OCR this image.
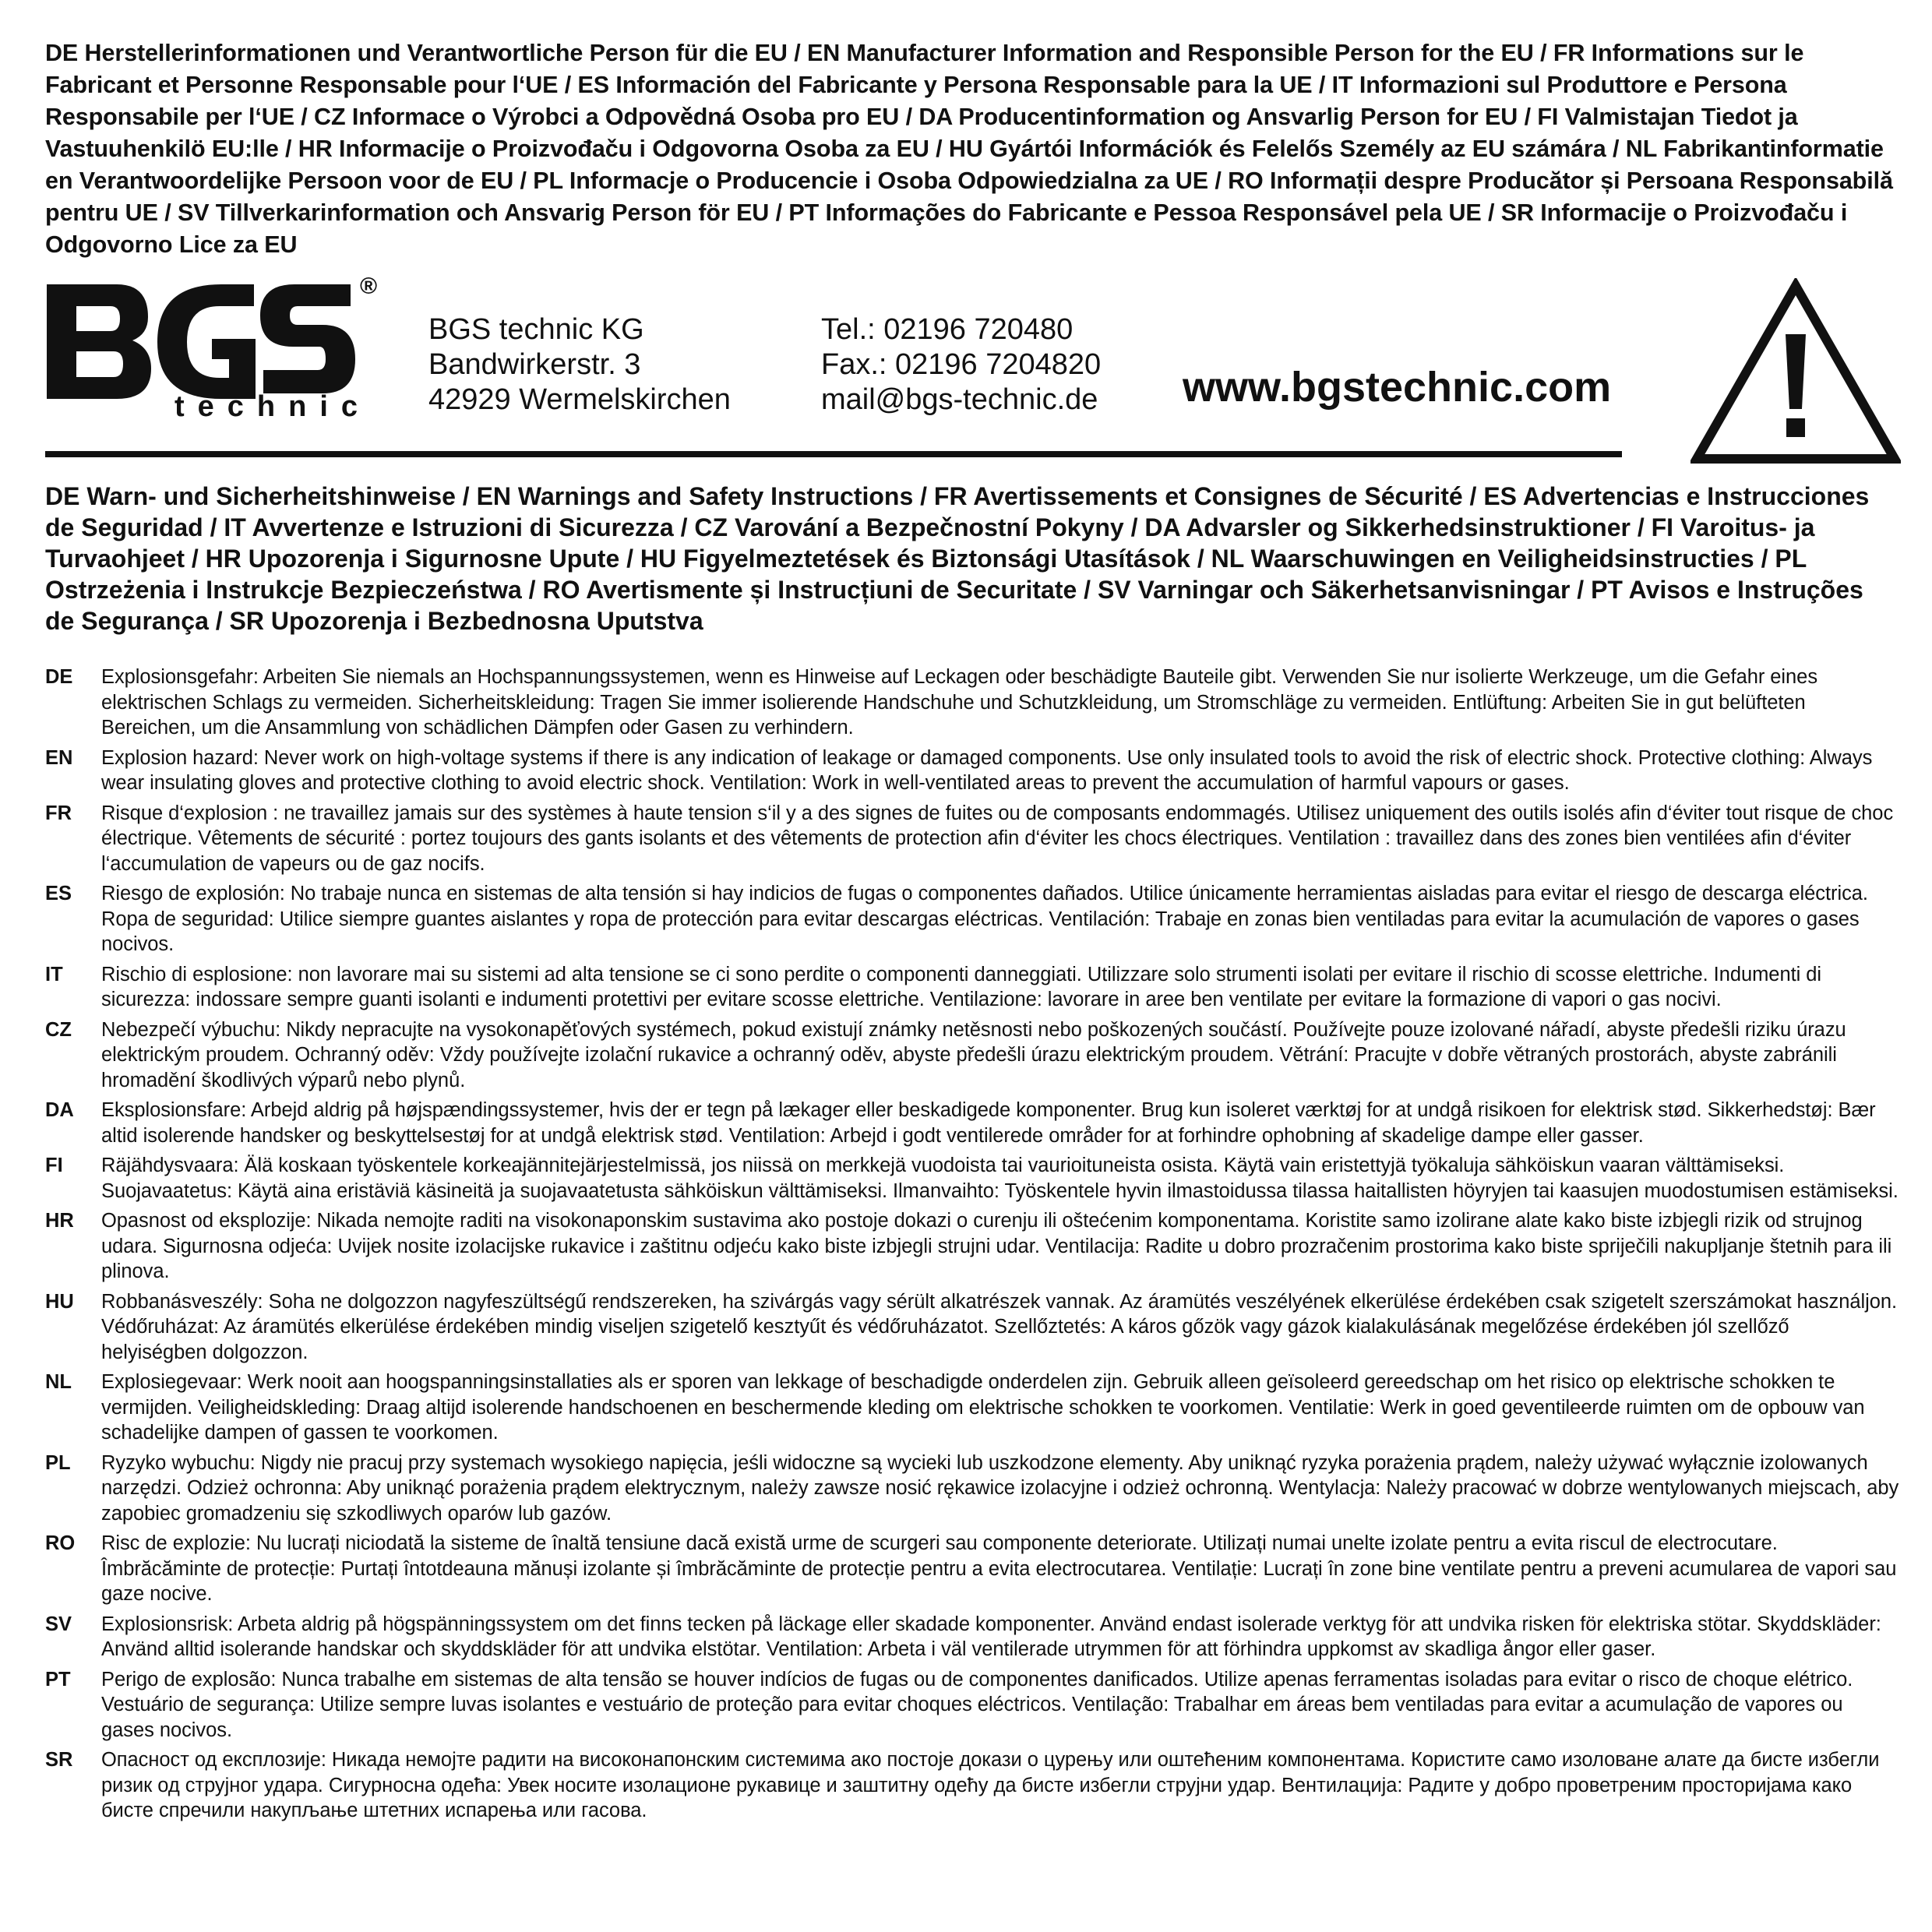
DE Herstellerinformationen und Verantwortliche Person für die EU / EN Manufacturer Information and Responsible Person for the EU / FR Informations sur le Fabricant et Personne Responsable pour l‘UE / ES Información del Fabricante y Persona Responsable para la UE / IT Informazioni sul Produttore e Persona Responsabile per l‘UE / CZ Informace o Výrobci a Odpovědná Osoba pro EU / DA Producentinformation og Ansvarlig Person for EU / FI Valmistajan Tiedot ja Vastuuhenkilö EU:lle / HR Informacije o Proizvođaču i Odgovorna Osoba za EU / HU Gyártói Információk és Felelős Személy az EU számára / NL Fabrikantinformatie en Verantwoordelijke Persoon voor de EU / PL Informacje o Producencie i Osoba Odpowiedzialna za UE / RO Informații despre Producător și Persoana Responsabilă pentru UE / SV Tillverkarinformation och Ansvarig Person för EU / PT Informações do Fabricante e Pessoa Responsável pela UE / SR Informacije o Proizvođaču i Odgovorno Lice za EU

®
technic
BGS technic KG
Bandwirkerstr. 3
42929 Wermelskirchen
Tel.: 02196 720480
Fax.: 02196 7204820
mail@bgs-technic.de www.bgstechnic.com

DE Warn- und Sicherheitshinweise / EN Warnings and Safety Instructions / FR Avertissements et Consignes de Sécurité / ES Advertencias e Instrucciones de Seguridad / IT Avvertenze e Istruzioni di Sicurezza / CZ Varování a Bezpečnostní Pokyny / DA Advarsler og Sikkerhedsinstruktioner / FI Varoitus- ja Turvaohjeet / HR Upozorenja i Sigurnosne Upute / HU Figyelmeztetések és Biztonsági Utasítások / NL Waarschuwingen en Veiligheidsinstructies / PL Ostrzeżenia i Instrukcje Bezpieczeństwa / RO Avertismente și Instrucțiuni de Securitate / SV Varningar och Säkerhetsanvisningar / PT Avisos e Instruções de Segurança / SR Upozorenja i Bezbednosna Uputstva

DE	Explosionsgefahr: Arbeiten Sie niemals an Hochspannungssystemen, wenn es Hinweise auf Leckagen oder beschädigte Bauteile gibt. Verwenden Sie nur isolierte Werkzeuge, um die Gefahr eines elektrischen Schlags zu vermeiden. Sicherheitskleidung: Tragen Sie immer isolierende Handschuhe und Schutzkleidung, um Stromschläge zu vermeiden. Entlüftung: Arbeiten Sie in gut belüfteten Bereichen, um die Ansammlung von schädlichen Dämpfen oder Gasen zu verhindern.
EN	Explosion hazard: Never work on high-voltage systems if there is any indication of leakage or damaged components. Use only insulated tools to avoid the risk of electric shock. Protective clothing: Always wear insulating gloves and protective clothing to avoid electric shock. Ventilation: Work in well-ventilated areas to prevent the accumulation of harmful vapours or gases.
FR	Risque d‘explosion : ne travaillez jamais sur des systèmes à haute tension s‘il y a des signes de fuites ou de composants endommagés. Utilisez uniquement des outils isolés afin d‘éviter tout risque de choc électrique. Vêtements de sécurité : portez toujours des gants isolants et des vêtements de protection afin d‘éviter les chocs électriques. Ventilation : travaillez dans des zones bien ventilées afin d‘éviter l‘accumulation de vapeurs ou de gaz nocifs.
ES	Riesgo de explosión: No trabaje nunca en sistemas de alta tensión si hay indicios de fugas o componentes dañados. Utilice únicamente herramientas aisladas para evitar el riesgo de descarga eléctrica. Ropa de seguridad: Utilice siempre guantes aislantes y ropa de protección para evitar descargas eléctricas. Ventilación: Trabaje en zonas bien ventiladas para evitar la acumulación de vapores o gases nocivos.
IT	Rischio di esplosione: non lavorare mai su sistemi ad alta tensione se ci sono perdite o componenti danneggiati. Utilizzare solo strumenti isolati per evitare il rischio di scosse elettriche. Indumenti di sicurezza: indossare sempre guanti isolanti e indumenti protettivi per evitare scosse elettriche. Ventilazione: lavorare in aree ben ventilate per evitare la formazione di vapori o gas nocivi.
CZ	Nebezpečí výbuchu: Nikdy nepracujte na vysokonapěťových systémech, pokud existují známky netěsnosti nebo poškozených součástí. Používejte pouze izolované nářadí, abyste předešli riziku úrazu elektrickým proudem. Ochranný oděv: Vždy používejte izolační rukavice a ochranný oděv, abyste předešli úrazu elektrickým proudem. Větrání: Pracujte v dobře větraných prostorách, abyste zabránili hromadění škodlivých výparů nebo plynů.
DA	Eksplosionsfare: Arbejd aldrig på højspændingssystemer, hvis der er tegn på lækager eller beskadigede komponenter. Brug kun isoleret værktøj for at undgå risikoen for elektrisk stød. Sikkerhedstøj: Bær altid isolerende handsker og beskyttelsestøj for at undgå elektrisk stød. Ventilation: Arbejd i godt ventilerede områder for at forhindre ophobning af skadelige dampe eller gasser.
FI	Räjähdysvaara: Älä koskaan työskentele korkeajännitejärjestelmissä, jos niissä on merkkejä vuodoista tai vaurioituneista osista. Käytä vain eristettyjä työkaluja sähköiskun vaaran välttämiseksi. Suojavaatetus: Käytä aina eristäviä käsineitä ja suojavaatetusta sähköiskun välttämiseksi. Ilmanvaihto: Työskentele hyvin ilmastoidussa tilassa haitallisten höyryjen tai kaasujen muodostumisen estämiseksi.
HR	Opasnost od eksplozije: Nikada nemojte raditi na visokonaponskim sustavima ako postoje dokazi o curenju ili oštećenim komponentama. Koristite samo izolirane alate kako biste izbjegli rizik od strujnog udara. Sigurnosna odjeća: Uvijek nosite izolacijske rukavice i zaštitnu odjeću kako biste izbjegli strujni udar. Ventilacija: Radite u dobro prozračenim prostorima kako biste spriječili nakupljanje štetnih para ili plinova.
HU	Robbanásveszély: Soha ne dolgozzon nagyfeszültségű rendszereken, ha szivárgás vagy sérült alkatrészek vannak. Az áramütés veszélyének elkerülése érdekében csak szigetelt szerszámokat használjon. Védőruházat: Az áramütés elkerülése érdekében mindig viseljen szigetelő kesztyűt és védőruházatot. Szellőztetés: A káros gőzök vagy gázok kialakulásának megelőzése érdekében jól szellőző helyiségben dolgozzon.
NL	Explosiegevaar: Werk nooit aan hoogspanningsinstallaties als er sporen van lekkage of beschadigde onderdelen zijn. Gebruik alleen geïsoleerd gereedschap om het risico op elektrische schokken te vermijden. Veiligheidskleding: Draag altijd isolerende handschoenen en beschermende kleding om elektrische schokken te voorkomen. Ventilatie: Werk in goed geventileerde ruimten om de opbouw van schadelijke dampen of gassen te voorkomen.
PL	Ryzyko wybuchu: Nigdy nie pracuj przy systemach wysokiego napięcia, jeśli widoczne są wycieki lub uszkodzone elementy. Aby uniknąć ryzyka porażenia prądem, należy używać wyłącznie izolowanych narzędzi. Odzież ochronna: Aby uniknąć porażenia prądem elektrycznym, należy zawsze nosić rękawice izolacyjne i odzież ochronną. Wentylacja: Należy pracować w dobrze wentylowanych miejscach, aby zapobiec gromadzeniu się szkodliwych oparów lub gazów.
RO	Risc de explozie: Nu lucrați niciodată la sisteme de înaltă tensiune dacă există urme de scurgeri sau componente deteriorate. Utilizați numai unelte izolate pentru a evita riscul de electrocutare. Îmbrăcăminte de protecție: Purtați întotdeauna mănuși izolante și îmbrăcăminte de protecție pentru a evita electrocutarea. Ventilație: Lucrați în zone bine ventilate pentru a preveni acumularea de vapori sau gaze nocive.
SV	Explosionsrisk: Arbeta aldrig på högspänningssystem om det finns tecken på läckage eller skadade komponenter. Använd endast isolerade verktyg för att undvika risken för elektriska stötar. Skyddskläder: Använd alltid isolerande handskar och skyddskläder för att undvika elstötar. Ventilation: Arbeta i väl ventilerade utrymmen för att förhindra uppkomst av skadliga ångor eller gaser.
PT	Perigo de explosão: Nunca trabalhe em sistemas de alta tensão se houver indícios de fugas ou de componentes danificados. Utilize apenas ferramentas isoladas para evitar o risco de choque elétrico. Vestuário de segurança: Utilize sempre luvas isolantes e vestuário de proteção para evitar choques eléctricos. Ventilação: Trabalhar em áreas bem ventiladas para evitar a acumulação de vapores ou gases nocivos.
SR	Опасност од експлозије: Никада немојте радити на високонапонским системима ако постоје докази о цурењу или оштећеним компонентама. Користите само изоловане алате да бисте избегли ризик од струјног удара. Сигурносна одећа: Увек носите изолационе рукавице и заштитну одећу да бисте избегли струјни удар. Вентилација: Радите у добро проветреним просторијама како бисте спречили накупљање штетних испарења или гасова.
